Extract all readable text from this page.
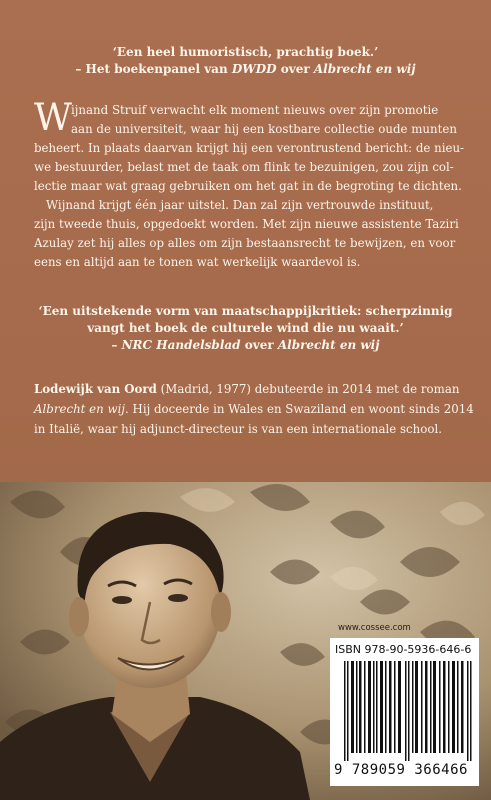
‘Een heel humoristisch, prachtig boek.’
– Het boekenpanel van DWDD over Albrecht en wij
W
ijnand Struif verwacht elk moment nieuws over zijn promotie
aan de universiteit, waar hij een kostbare collectie oude munten
beheert. In plaats daarvan krijgt hij een verontrustend bericht: de nieu-
we bestuurder, belast met de taak om flink te bezuinigen, zou zijn col-
lectie maar wat graag gebruiken om het gat in de begroting te dichten.
Wijnand krijgt één jaar uitstel. Dan zal zijn vertrouwde instituut,
zijn tweede thuis, opgedoekt worden. Met zijn nieuwe assistente Taziri
Azulay zet hij alles op alles om zijn bestaansrecht te bewijzen, en voor
eens en altijd aan te tonen wat werkelijk waardevol is.
‘Een uitstekende vorm van maatschappijkritiek: scherpzinnig
vangt het boek de culturele wind die nu waait.’
– NRC Handelsblad over Albrecht en wij
Lodewijk van Oord (Madrid, 1977) debuteerde in 2014 met de roman
Albrecht en wij. Hij doceerde in Wales en Swaziland en woont sinds 2014
in Italië, waar hij adjunct-directeur is van een internationale school.
www.cossee.com
ISBN 978-90-5936-646-6
9 789059 366466
